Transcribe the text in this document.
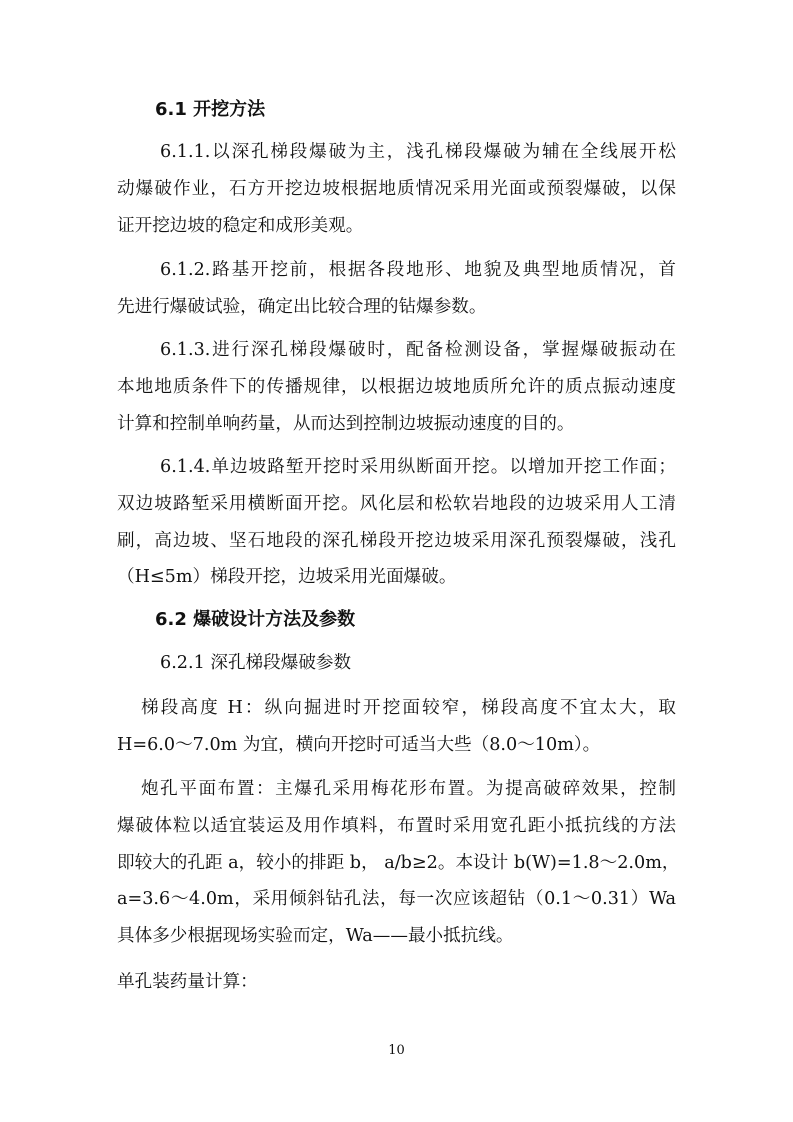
6.1 开挖方法
6.1.1.以深孔梯段爆破为主，浅孔梯段爆破为辅在全线展开松
动爆破作业，石方开挖边坡根据地质情况采用光面或预裂爆破，以保
证开挖边坡的稳定和成形美观。
6.1.2.路基开挖前，根据各段地形、地貌及典型地质情况，首
先进行爆破试验，确定出比较合理的钻爆参数。
6.1.3.进行深孔梯段爆破时，配备检测设备，掌握爆破振动在
本地地质条件下的传播规律，以根据边坡地质所允许的质点振动速度
计算和控制单响药量，从而达到控制边坡振动速度的目的。
6.1.4.单边坡路堑开挖时采用纵断面开挖。以增加开挖工作面；
双边坡路堑采用横断面开挖。风化层和松软岩地段的边坡采用人工清
刷，高边坡、坚石地段的深孔梯段开挖边坡采用深孔预裂爆破，浅孔
（H≤5m）梯段开挖，边坡采用光面爆破。
6.2 爆破设计方法及参数
6.2.1 深孔梯段爆破参数
梯段高度 H：纵向掘进时开挖面较窄，梯段高度不宜太大，取
H=6.0～7.0m 为宜，横向开挖时可适当大些（8.0～10m）。
炮孔平面布置：主爆孔采用梅花形布置。为提高破碎效果，控制
爆破体粒以适宜装运及用作填料，布置时采用宽孔距小抵抗线的方法
即较大的孔距 a，较小的排距 b， a/b≥2。本设计 b(W)=1.8～2.0m，
a=3.6～4.0m，采用倾斜钻孔法，每一次应该超钻（0.1～0.31）Wa
具体多少根据现场实验而定，Wa——最小抵抗线。
单孔装药量计算：
10
